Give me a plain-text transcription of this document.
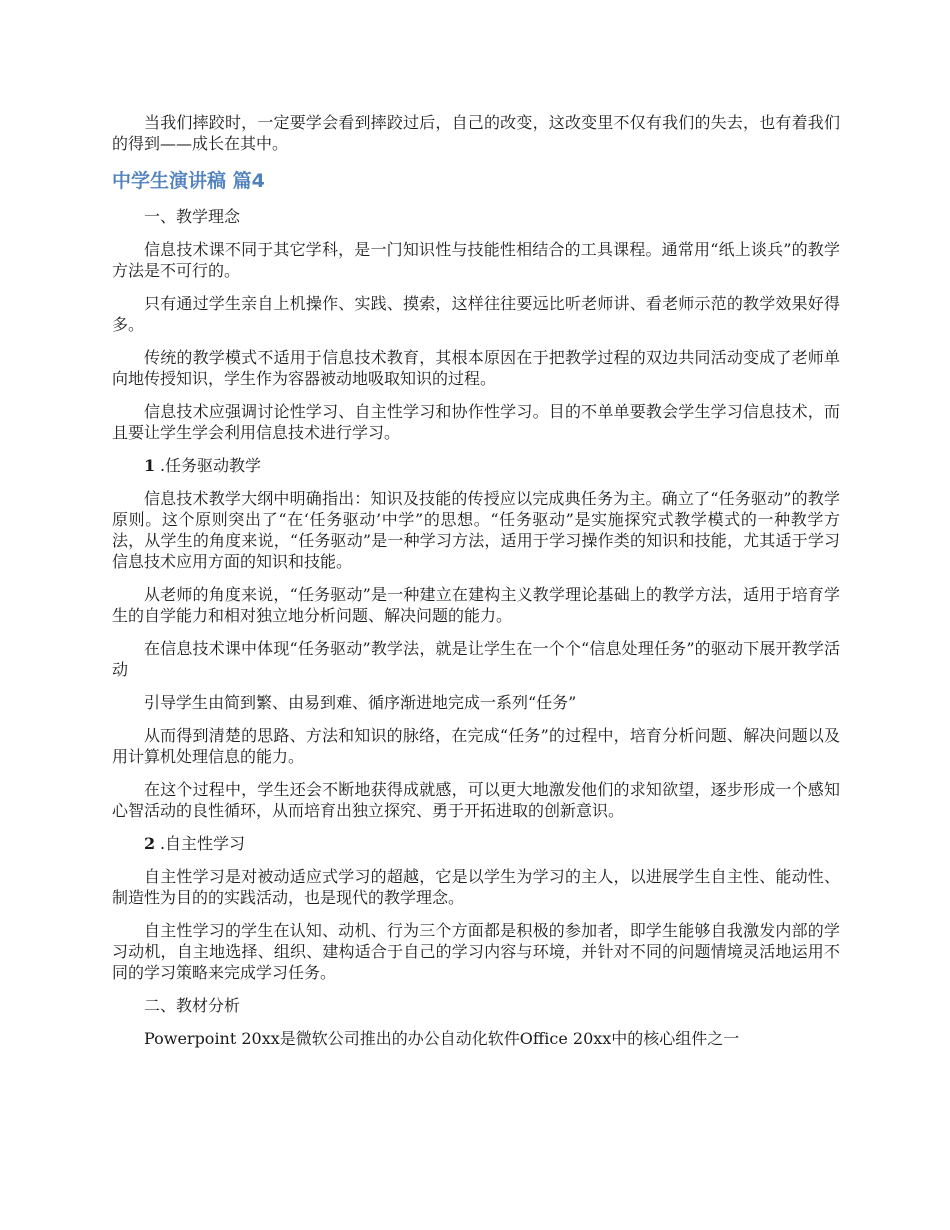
当我们摔跤时，一定要学会看到摔跤过后，自己的改变，这改变里不仅有我们的失去，也有着我们的得到——成长在其中。

中学生演讲稿 篇4

一、教学理念

信息技术课不同于其它学科，是一门知识性与技能性相结合的工具课程。通常用“纸上谈兵”的教学方法是不可行的。

只有通过学生亲自上机操作、实践、摸索，这样往往要远比听老师讲、看老师示范的教学效果好得多。

传统的教学模式不适用于信息技术教育，其根本原因在于把教学过程的双边共同活动变成了老师单向地传授知识，学生作为容器被动地吸取知识的过程。

信息技术应强调讨论性学习、自主性学习和协作性学习。目的不单单要教会学生学习信息技术，而且要让学生学会利用信息技术进行学习。

1 .任务驱动教学

信息技术教学大纲中明确指出：知识及技能的传授应以完成典任务为主。确立了“任务驱动”的教学原则。这个原则突出了“在‘任务驱动’中学”的思想。“任务驱动”是实施探究式教学模式的一种教学方法，从学生的角度来说，“任务驱动”是一种学习方法，适用于学习操作类的知识和技能，尤其适于学习信息技术应用方面的知识和技能。

从老师的角度来说，“任务驱动”是一种建立在建构主义教学理论基础上的教学方法，适用于培育学生的自学能力和相对独立地分析问题、解决问题的能力。

在信息技术课中体现“任务驱动”教学法，就是让学生在一个个“信息处理任务”的驱动下展开教学活动

引导学生由简到繁、由易到难、循序渐进地完成一系列“任务”

从而得到清楚的思路、方法和知识的脉络，在完成“任务”的过程中，培育分析问题、解决问题以及用计算机处理信息的能力。

在这个过程中，学生还会不断地获得成就感，可以更大地激发他们的求知欲望，逐步形成一个感知心智活动的良性循环，从而培育出独立探究、勇于开拓进取的创新意识。

2 .自主性学习

自主性学习是对被动适应式学习的超越，它是以学生为学习的主人，以进展学生自主性、能动性、制造性为目的的实践活动，也是现代的教学理念。

自主性学习的学生在认知、动机、行为三个方面都是积极的参加者，即学生能够自我激发内部的学习动机，自主地选择、组织、建构适合于自己的学习内容与环境，并针对不同的问题情境灵活地运用不同的学习策略来完成学习任务。

二、教材分析

Powerpoint 20xx是微软公司推出的办公自动化软件Office 20xx中的核心组件之一
